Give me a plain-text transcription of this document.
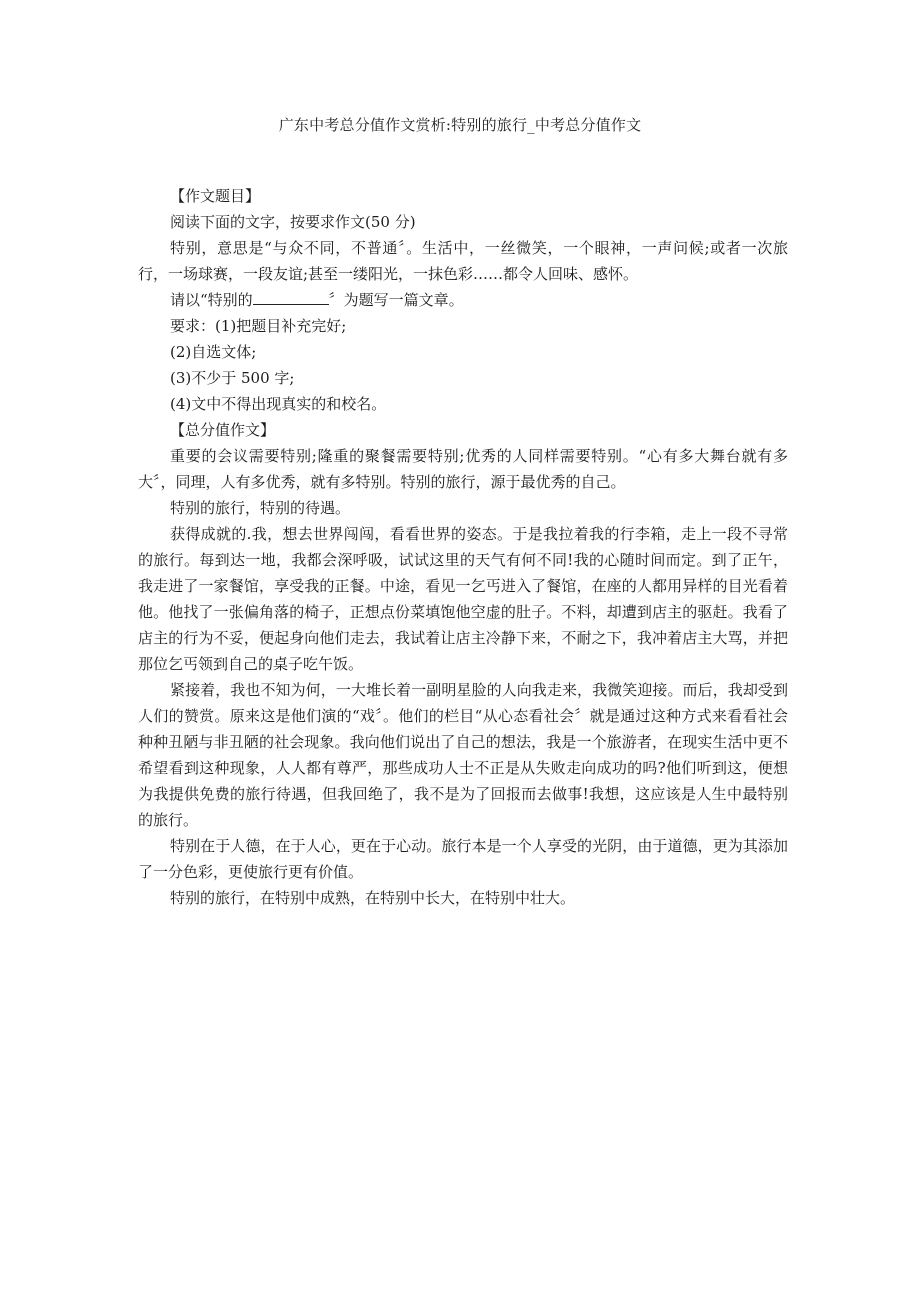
广东中考总分值作文赏析:特别的旅行_中考总分值作文

【作文题目】

阅读下面的文字，按要求作文(50 分)

特别，意思是“与众不同，不普通〞。生活中，一丝微笑，一个眼神，一声问候;或者一次旅行，一场球赛，一段友谊;甚至一缕阳光，一抹色彩……都令人回味、感怀。

请以“特别的	〞为题写一篇文章。

要求：(1)把题目补充完好;

(2)自选文体;

(3)不少于 500 字;

(4)文中不得出现真实的和校名。

【总分值作文】

重要的会议需要特别;隆重的聚餐需要特别;优秀的人同样需要特别。“心有多大舞台就有多大〞，同理，人有多优秀，就有多特别。特别的旅行，源于最优秀的自己。

特别的旅行，特别的待遇。

获得成就的.我，想去世界闯闯，看看世界的姿态。于是我拉着我的行李箱，走上一段不寻常的旅行。每到达一地，我都会深呼吸，试试这里的天气有何不同!我的心随时间而定。到了正午，我走进了一家餐馆，享受我的正餐。中途，看见一乞丐进入了餐馆，在座的人都用异样的目光看着他。他找了一张偏角落的椅子，正想点份菜填饱他空虚的肚子。不料，却遭到店主的驱赶。我看了店主的行为不妥，便起身向他们走去，我试着让店主冷静下来，不耐之下，我冲着店主大骂，并把那位乞丐领到自己的桌子吃午饭。

紧接着，我也不知为何，一大堆长着一副明星脸的人向我走来，我微笑迎接。而后，我却受到人们的赞赏。原来这是他们演的“戏〞。他们的栏目“从心态看社会〞就是通过这种方式来看看社会种种丑陋与非丑陋的社会现象。我向他们说出了自己的想法，我是一个旅游者，在现实生活中更不希望看到这种现象，人人都有尊严，那些成功人士不正是从失败走向成功的吗?他们听到这，便想为我提供免费的旅行待遇，但我回绝了，我不是为了回报而去做事!我想，这应该是人生中最特别的旅行。

特别在于人德，在于人心，更在于心动。旅行本是一个人享受的光阴，由于道德，更为其添加了一分色彩，更使旅行更有价值。

特别的旅行，在特别中成熟，在特别中长大，在特别中壮大。
